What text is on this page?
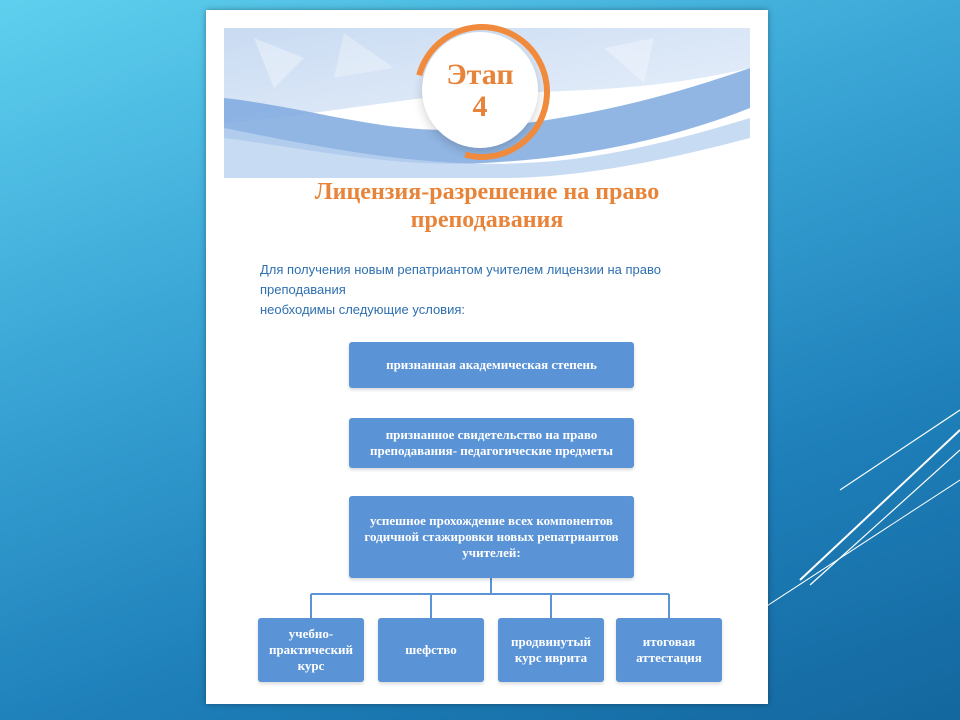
Этап
4
Лицензия-разрешение на право
преподавания
Для получения новым репатриантом учителем лицензии на право преподавания
необходимы следующие условия:
признанная академическая степень
признанное свидетельство на право
преподавания- педагогические предметы
успешное прохождение всех компонентов
годичной стажировки новых репатриантов
учителей:
учебно-
практический
курс
шефство
продвинутый
курс иврита
итоговая
аттестация
